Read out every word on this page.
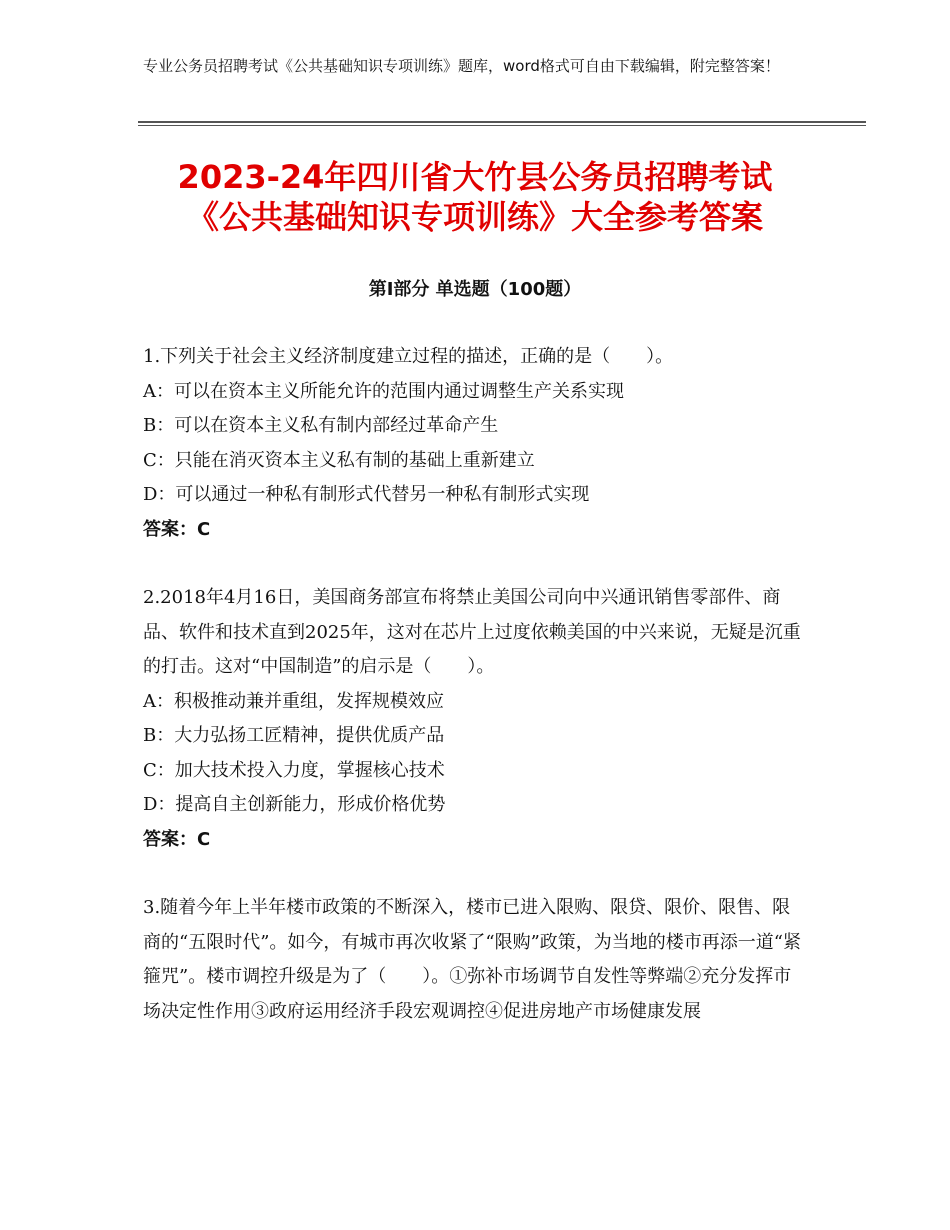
专业公务员招聘考试《公共基础知识专项训练》题库，word格式可自由下载编辑，附完整答案！
2023-24年四川省大竹县公务员招聘考试
《公共基础知识专项训练》大全参考答案
第Ⅰ部分 单选题（100题）

1.下列关于社会主义经济制度建立过程的描述，正确的是（　　）。

A：可以在资本主义所能允许的范围内通过调整生产关系实现

B：可以在资本主义私有制内部经过革命产生

C：只能在消灭资本主义私有制的基础上重新建立

D：可以通过一种私有制形式代替另一种私有制形式实现

答案：C

2.2018年4月16日，美国商务部宣布将禁止美国公司向中兴通讯销售零部件、商品、软件和技术直到2025年，这对在芯片上过度依赖美国的中兴来说，无疑是沉重的打击。这对“中国制造”的启示是（　　）。

A：积极推动兼并重组，发挥规模效应

B：大力弘扬工匠精神，提供优质产品

C：加大技术投入力度，掌握核心技术

D：提高自主创新能力，形成价格优势

答案：C

3.随着今年上半年楼市政策的不断深入，楼市已进入限购、限贷、限价、限售、限商的“五限时代”。如今，有城市再次收紧了“限购”政策，为当地的楼市再添一道“紧箍咒”。楼市调控升级是为了（　　）。①弥补市场调节自发性等弊端②充分发挥市场决定性作用③政府运用经济手段宏观调控④促进房地产市场健康发展
